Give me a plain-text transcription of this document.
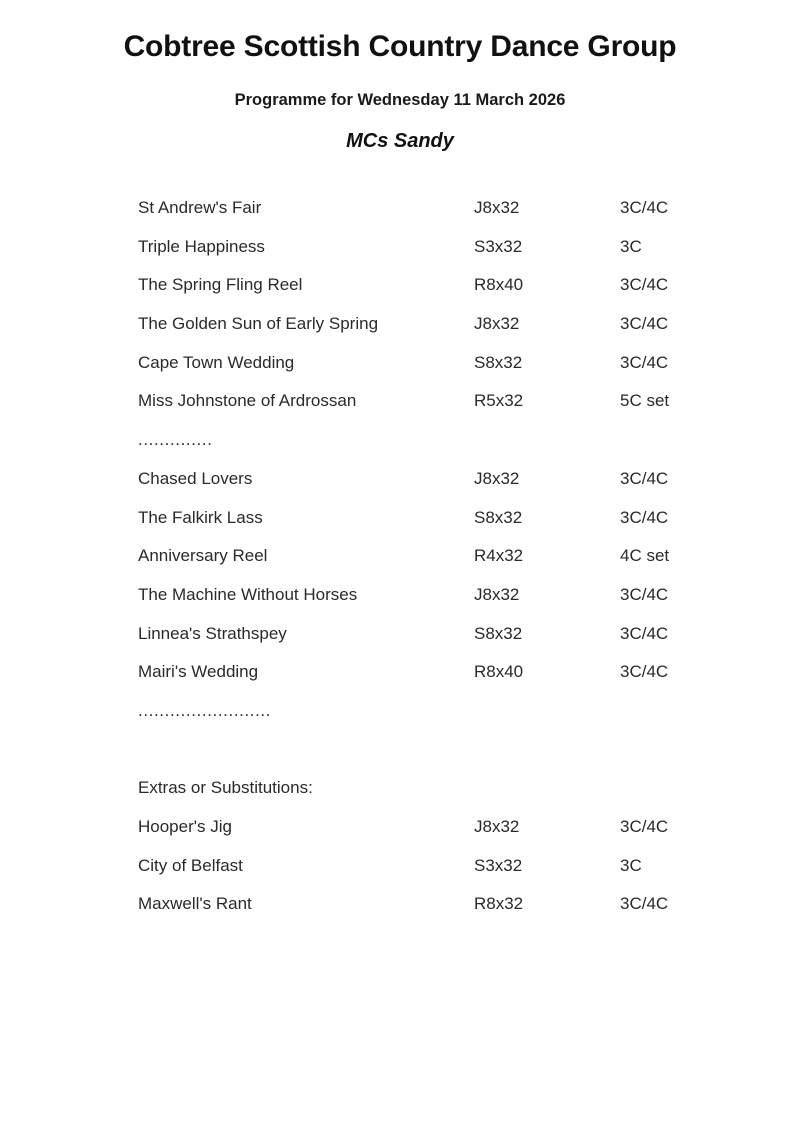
Cobtree Scottish Country Dance Group
Programme for Wednesday 11 March 2026
MCs Sandy
St Andrew's Fair	J8x32	3C/4C
Triple Happiness	S3x32	3C
The Spring Fling Reel	R8x40	3C/4C
The Golden Sun of Early Spring	J8x32	3C/4C
Cape Town Wedding	S8x32	3C/4C
Miss Johnstone of Ardrossan	R5x32	5C set
..............
Chased Lovers	J8x32	3C/4C
The Falkirk Lass	S8x32	3C/4C
Anniversary Reel	R4x32	4C set
The Machine Without Horses	J8x32	3C/4C
Linnea's Strathspey	S8x32	3C/4C
Mairi's Wedding	R8x40	3C/4C
.........................
Extras or Substitutions:
Hooper's Jig	J8x32	3C/4C
City of Belfast	S3x32	3C
Maxwell's Rant	R8x32	3C/4C
